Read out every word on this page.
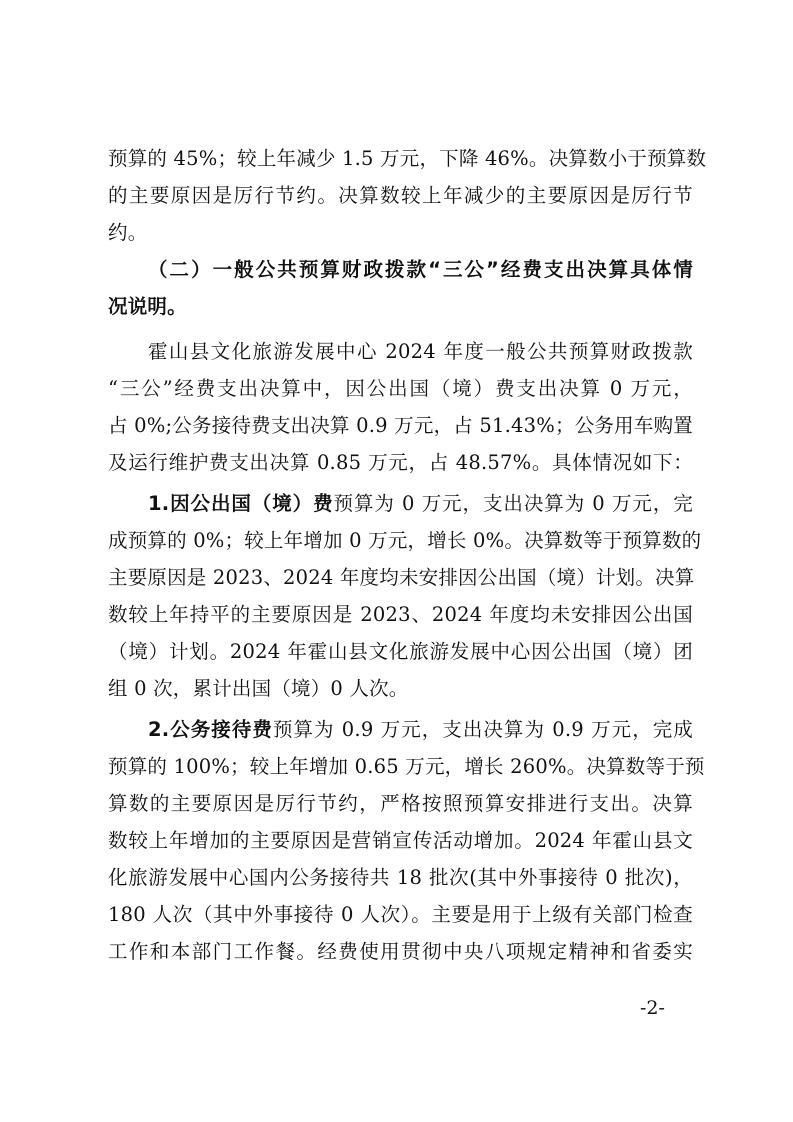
预算的 45%；较上年减少 1.5 万元，下降 46%。决算数小于预算数
的主要原因是厉行节约。决算数较上年减少的主要原因是厉行节
约。
（二）一般公共预算财政拨款“三公”经费支出决算具体情
况说明。
霍山县文化旅游发展中心 2024 年度一般公共预算财政拨款
“三公”经费支出决算中，因公出国（境）费支出决算 0 万元，
占 0%;公务接待费支出决算 0.9 万元，占 51.43%；公务用车购置
及运行维护费支出决算 0.85 万元，占 48.57%。具体情况如下：
1.因公出国（境）费预算为 0 万元，支出决算为 0 万元，完
成预算的 0%；较上年增加 0 万元，增长 0%。决算数等于预算数的
主要原因是 2023、2024 年度均未安排因公出国（境）计划。决算
数较上年持平的主要原因是 2023、2024 年度均未安排因公出国
（境）计划。2024 年霍山县文化旅游发展中心因公出国（境）团
组 0 次，累计出国（境）0 人次。
2.公务接待费预算为 0.9 万元，支出决算为 0.9 万元，完成
预算的 100%；较上年增加 0.65 万元，增长 260%。决算数等于预
算数的主要原因是厉行节约，严格按照预算安排进行支出。决算
数较上年增加的主要原因是营销宣传活动增加。2024 年霍山县文
化旅游发展中心国内公务接待共 18 批次(其中外事接待 0 批次)，
180 人次（其中外事接待 0 人次）。主要是用于上级有关部门检查
工作和本部门工作餐。经费使用贯彻中央八项规定精神和省委实
-2-
